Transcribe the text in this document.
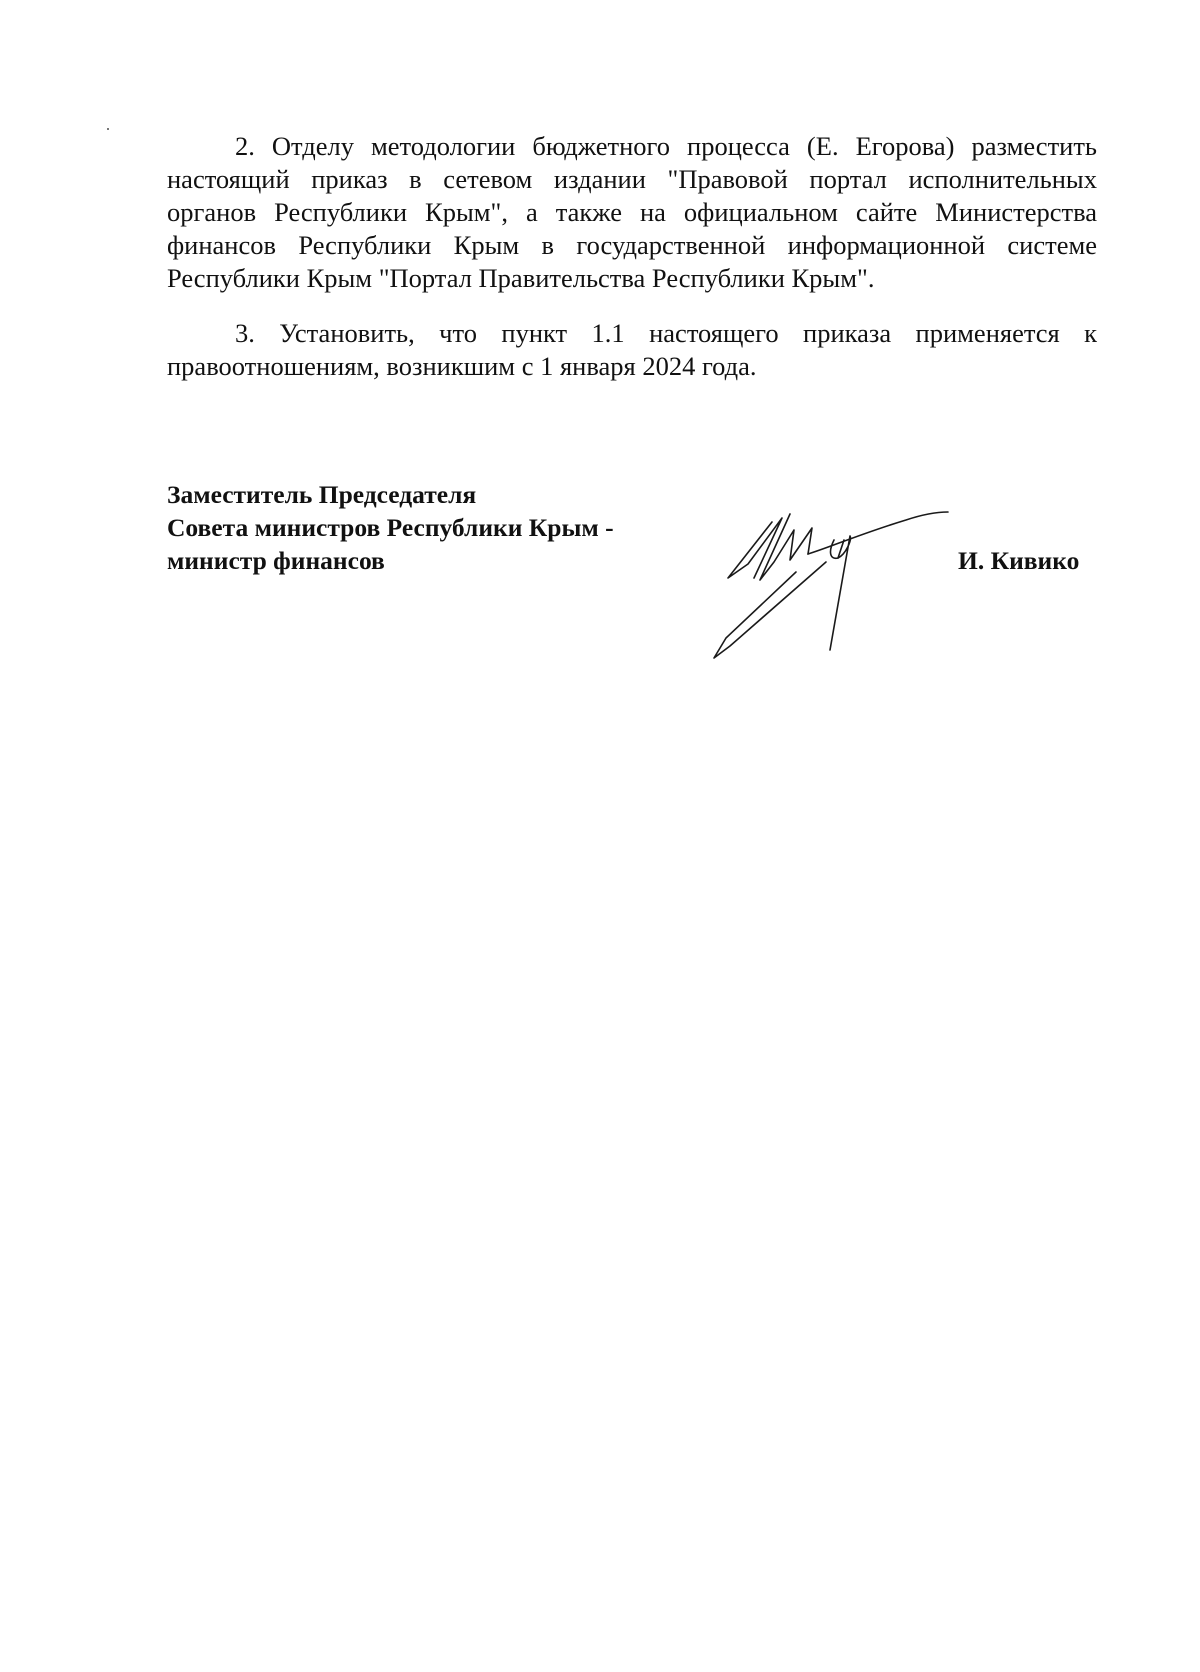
2. Отделу методологии бюджетного процесса (Е. Егорова) разместить
настоящий приказ в сетевом издании "Правовой портал исполнительных
органов Республики Крым", а также на официальном сайте Министерства
финансов Республики Крым в государственной информационной системе
Республики Крым "Портал Правительства Республики Крым".

3. Установить, что пункт 1.1 настоящего приказа применяется к
правоотношениям, возникшим с 1 января 2024 года.

Заместитель Председателя
Совета министров Республики Крым -
министр финансов	И. Кивико
